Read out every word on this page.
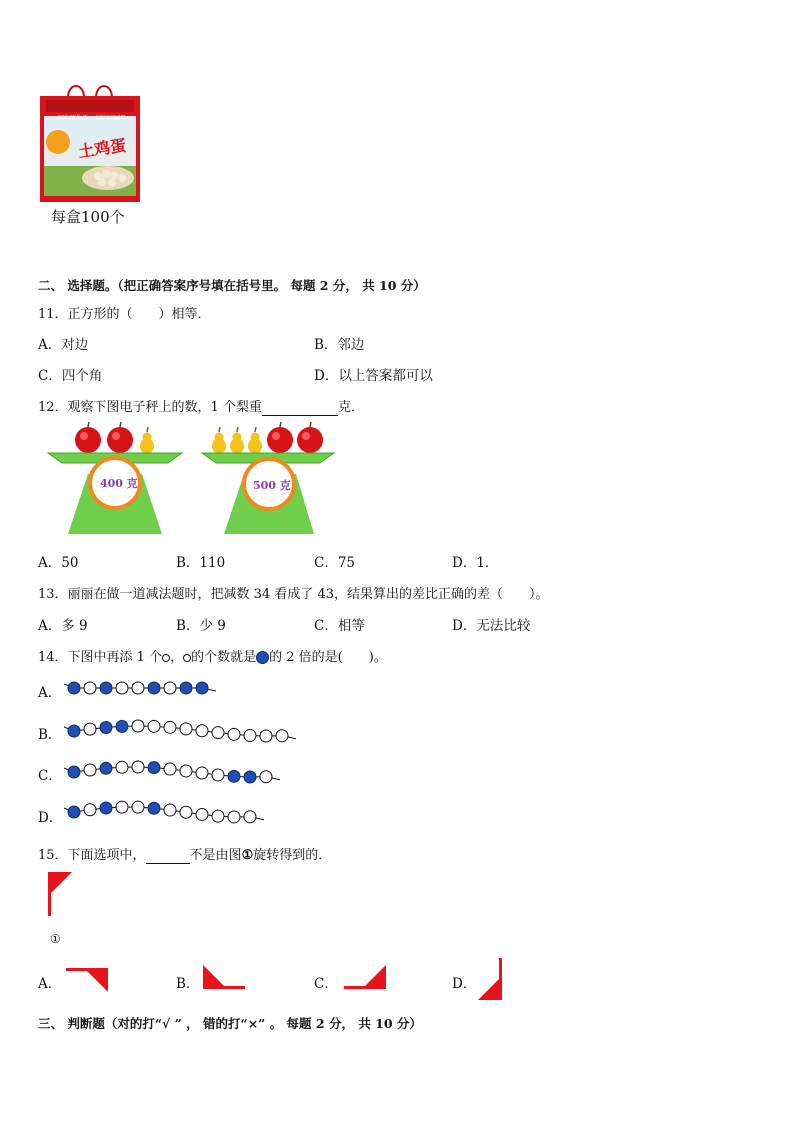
回归原生活 回归田园里
土鸡蛋
每盒100个
二、 选择题。（把正确答案序号填在括号里。 每题 2 分， 共 10 分）
11．正方形的（　　）相等．
A．对边	B．邻边
C．四个角	D．以上答案都可以
12．观察下图电子秤上的数，1 个梨重	克．
400 克	500 克
A．50	B．110	C．75	D．1．
13．丽丽在做一道减法题时，把减数 34 看成了 43，结果算出的差比正确的差（　　）。
A．多 9	B．少 9	C．相等	D．无法比较
14．下图中再添 1 个 ， 的个数就是 的 2 倍的是(　　)。
A．
B．
C．
D．
15．下面选项中，	不是由图①旋转得到的．
①
A．	B．	C．	D．
三、 判断题（对的打“√ ” ， 错的打“×” 。 每题 2 分， 共 10 分）
